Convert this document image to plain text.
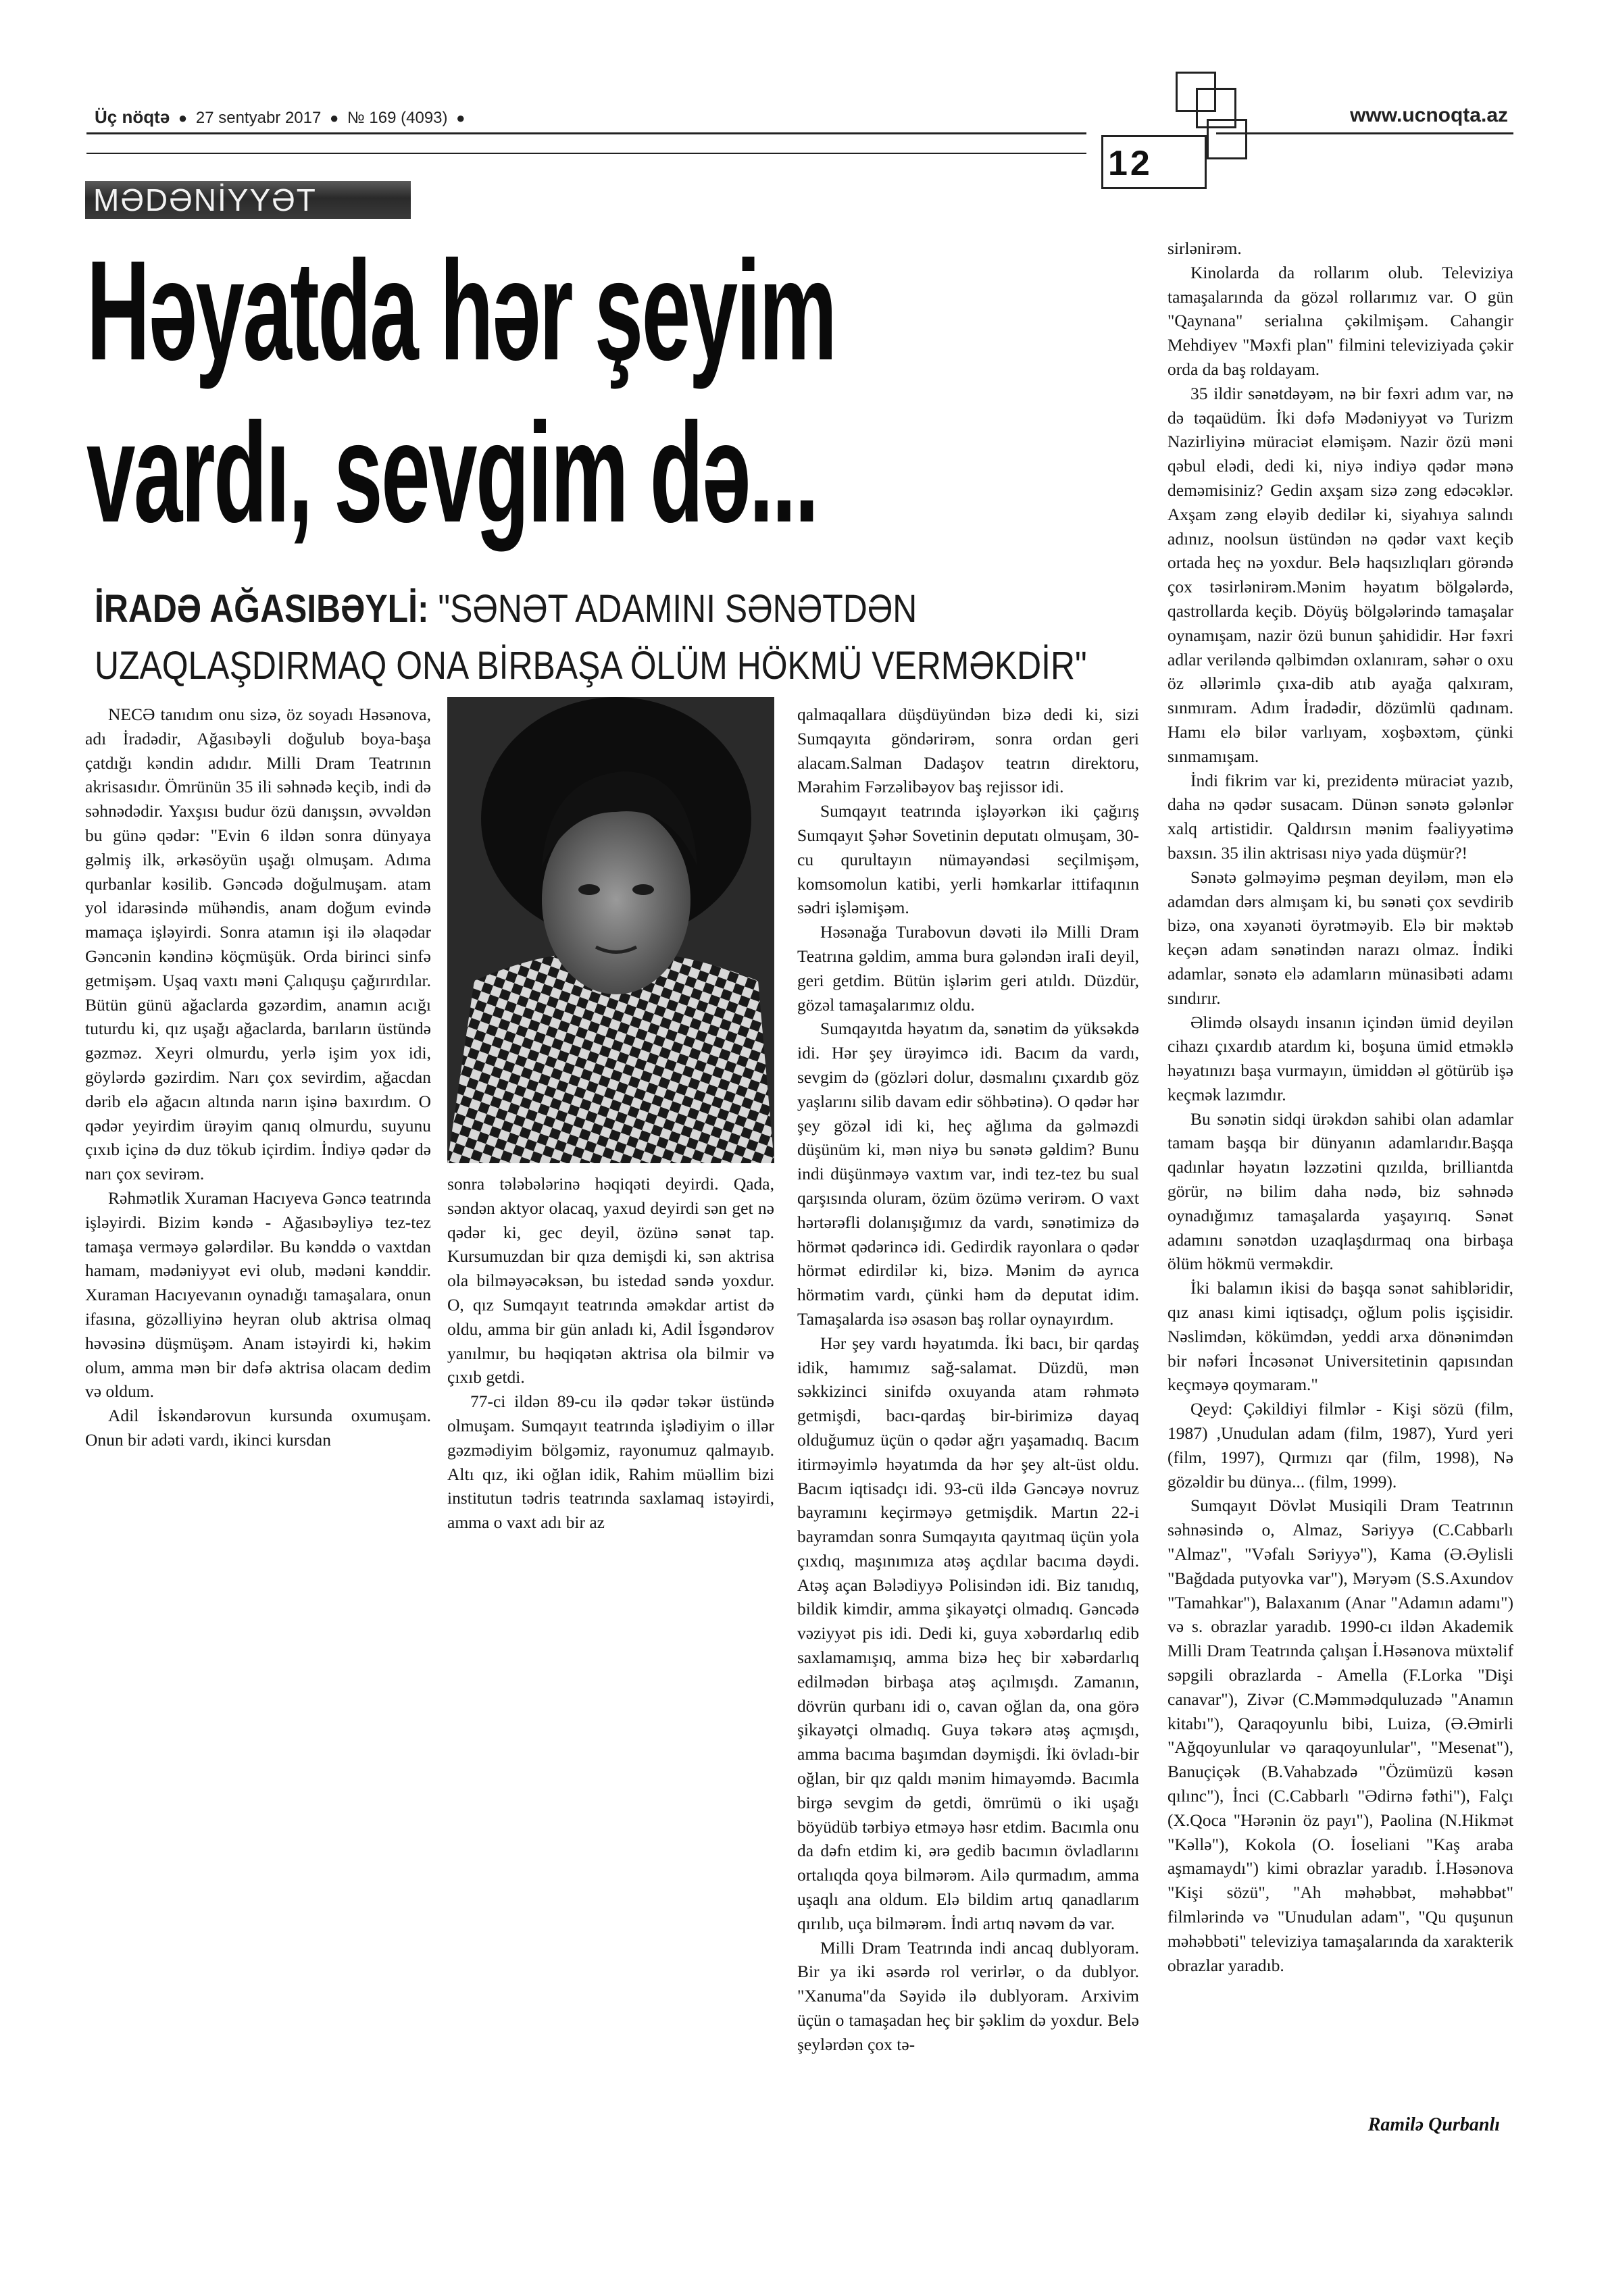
Üç nöqtə ● 27 sentyabr 2017 ● № 169 (4093) ●	www.ucnoqta.az
12
MƏDƏNİYYƏT
Həyatda hər şeyim
vardı, sevgim də...
İRADƏ AĞASIBƏYLİ: "SƏNƏT ADAMINI SƏNƏTDƏN
UZAQLAŞDIRMAQ ONA BİRBAŞA ÖLÜM HÖKMÜ VERMƏKDİR"

NECƏ tanıdım onu sizə, öz soyadı Həsənova, adı İradədir, Ağasıbəyli doğulub boya-başa çatdığı kəndin adıdır. Milli Dram Teatrının akrisasıdır. Ömrünün 35 ili səhnədə keçib, indi də səhnədədir. Yaxşısı budur özü danışsın, əvvəldən bu günə qədər: "Evin 6 ildən sonra dünyaya gəlmiş ilk, ərkəsöyün uşağı olmuşam. Adıma qurbanlar kəsilib. Gəncədə doğulmuşam. atam yol idarəsində mühəndis, anam doğum evində mamaça işləyirdi. Sonra atamın işi ilə əlaqədar Gəncənin kəndinə köçmüşük. Orda birinci sinfə getmişəm. Uşaq vaxtı məni Çalıquşu çağırırdılar. Bütün günü ağaclarda gəzərdim, anamın acığı tuturdu ki, qız uşağı ağaclarda, barıların üstündə gəzməz. Xeyri olmurdu, yerlə işim yox idi, göylərdə gəzirdim. Narı çox sevirdim, ağacdan dərib elə ağacın altında narın işinə baxırdım. O qədər yeyirdim ürəyim qanıq olmurdu, suyunu çıxıb içinə də duz tökub içirdim. İndiyə qədər də narı çox sevirəm.

Rəhmətlik Xuraman Hacıyeva Gəncə teatrında işləyirdi. Bizim kəndə - Ağasıbəyliyə tez-tez tamaşa verməyə gələrdilər. Bu kənddə o vaxtdan hamam, mədəniyyət evi olub, mədəni kənddir. Xuraman Hacıyevanın oynadığı tamaşalara, onun ifasına, gözəlliyinə heyran olub aktrisa olmaq həvəsinə düşmüşəm. Anam istəyirdi ki, həkim olum, amma mən bir dəfə aktrisa olacam dedim və oldum.

Adil İskəndərovun kursunda oxumuşam. Onun bir adəti vardı, ikinci kursdan

sonra tələbələrinə həqiqəti deyirdi. Qada, səndən aktyor olacaq, yaxud deyirdi sən get nə qədər ki, gec deyil, özünə sənət tap. Kursumuzdan bir qıza demişdi ki, sən aktrisa ola bilməyəcəksən, bu istedad səndə yoxdur. O, qız Sumqayıt teatrında əməkdar artist də oldu, amma bir gün anladı ki, Adil İsgəndərov yanılmır, bu həqiqətən aktrisa ola bilmir və çıxıb getdi.

77-ci ildən 89-cu ilə qədər təkər üstündə olmuşam. Sumqayıt teatrında işlədiyim o illər gəzmədiyim bölgəmiz, rayonumuz qalmayıb. Altı qız, iki oğlan idik, Rahim müəllim bizi institutun tədris teatrında saxlamaq istəyirdi, amma o vaxt adı bir az

qalmaqallara düşdüyündən bizə dedi ki, sizi Sumqayıta göndərirəm, sonra ordan geri alacam.Salman Dadaşov teatrın direktoru, Mərahim Fərzəlibəyov baş rejissor idi.

Sumqayıt teatrında işləyərkən iki çağırış Sumqayıt Şəhər Sovetinin deputatı olmuşam, 30-cu qurultayın nümayəndəsi seçilmişəm, komsomolun katibi, yerli həmkarlar ittifaqının sədri işləmişəm.

Həsənağa Turabovun dəvəti ilə Milli Dram Teatrına gəldim, amma bura gələndən iraIi deyil, geri getdim. Bütün işlərim geri atıldı. Düzdür, gözəl tamaşalarımız oldu.

Sumqayıtda həyatım da, sənətim də yüksəkdə idi. Hər şey ürəyimcə idi. Bacım da vardı, sevgim də (gözləri dolur, dəsmalını çıxardıb göz yaşlarını silib davam edir söhbətinə). O qədər hər şey gözəl idi ki, heç ağlıma da gəlməzdi düşünüm ki, mən niyə bu sənətə gəldim? Bunu indi düşünməyə vaxtım var, indi tez-tez bu sual qarşısında oluram, özüm özümə verirəm. O vaxt hərtərəfli dolanışığımız da vardı, sənətimizə də hörmət qədərincə idi. Gedirdik rayonlara o qədər hörmət edirdilər ki, bizə. Mənim də ayrıca hörmətim vardı, çünki həm də deputat idim. Tamaşalarda isə əsasən baş rollar oynayırdım.

Hər şey vardı həyatımda. İki bacı, bir qardaş idik, hamımız sağ-salamat. Düzdü, mən səkkizinci sinifdə oxuyanda atam rəhmətə getmişdi, bacı-qardaş bir-birimizə dayaq olduğumuz üçün o qədər ağrı yaşamadıq. Bacım itirməyimlə həyatımda da hər şey alt-üst oldu. Bacım iqtisadçı idi. 93-cü ildə Gəncəyə novruz bayramını keçirməyə getmişdik. Martın 22-i bayramdan sonra Sumqayıta qayıtmaq üçün yola çıxdıq, maşınımıza atəş açdılar bacıma dəydi. Atəş açan Bələdiyyə Polisindən idi. Biz tanıdıq, bildik kimdir, amma şikayətçi olmadıq. Gəncədə vəziyyət pis idi. Dedi ki, guya xəbərdarlıq edib saxlamamışıq, amma bizə heç bir xəbərdarlıq edilmədən birbaşa atəş açılmışdı. Zamanın, dövrün qurbanı idi o, cavan oğlan da, ona görə şikayətçi olmadıq. Guya təkərə atəş açmışdı, amma bacıma başımdan dəymişdi. İki övladı-bir oğlan, bir qız qaldı mənim himayəmdə. Bacımla birgə sevgim də getdi, ömrümü o iki uşağı böyüdüb tərbiyə etməyə həsr etdim. Bacımla onu da dəfn etdim ki, ərə gedib bacımın övladlarını ortalıqda qoya bilmərəm. Ailə qurmadım, amma uşaqlı ana oldum. Elə bildim artıq qanadlarım qırılıb, uça bilmərəm. İndi artıq nəvəm də var.

Milli Dram Teatrında indi ancaq dublyoram. Bir ya iki əsərdə rol verirlər, o da dublyor. "Xanuma"da Səyidə ilə dublyoram. Arxivim üçün o tamaşadan heç bir şəklim də yoxdur. Belə şeylərdən çox tə-

sirlənirəm.

Kinolarda da rollarım olub. Televiziya tamaşalarında da gözəl rollarımız var. O gün "Qaynana" serialına çəkilmişəm. Cahangir Mehdiyev "Məxfi plan" filmini televiziyada çəkir orda da baş roldayam.

35 ildir sənətdəyəm, nə bir fəxri adım var, nə də təqaüdüm. İki dəfə Mədəniyyət və Turizm Nazirliyinə müraciət eləmişəm. Nazir özü məni qəbul elədi, dedi ki, niyə indiyə qədər mənə deməmisiniz? Gedin axşam sizə zəng edəcəklər. Axşam zəng eləyib dedilər ki, siyahıya salındı adınız, noolsun üstündən nə qədər vaxt keçib ortada heç nə yoxdur. Belə haqsızlıqları görəndə çox təsirlənirəm.Mənim həyatım bölgələrdə, qastrollarda keçib. Döyüş bölgələrində tamaşalar oynamışam, nazir özü bunun şahididir. Hər fəxri adlar veriləndə qəlbimdən oxlanıram, səhər o oxu öz əllərimlə çıxa-dib atıb ayağa qalxıram, sınmıram. Adım İradədir, dözümlü qadınam. Hamı elə bilər varlıyam, xoşbəxtəm, çünki sınmamışam.

İndi fikrim var ki, prezidentə müraciət yazıb, daha nə qədər susacam. Dünən sənətə gələnlər xalq artistidir. Qaldırsın mənim fəaliyyətimə baxsın. 35 ilin aktrisası niyə yada düşmür?!

Sənətə gəlməyimə peşman deyiləm, mən elə adamdan dərs almışam ki, bu sənəti çox sevdirib bizə, ona xəyanəti öyrətməyib. Elə bir məktəb keçən adam sənətindən narazı olmaz. İndiki adamlar, sənətə elə adamların münasibəti adamı sındırır.

Əlimdə olsaydı insanın içindən ümid deyilən cihazı çıxardıb atardım ki, boşuna ümid etməklə həyatınızı başa vurmayın, ümiddən əl götürüb işə keçmək lazımdır.

Bu sənətin sidqi ürəkdən sahibi olan adamlar tamam başqa bir dünyanın adamlarıdır.Başqa qadınlar həyatın ləzzətini qızılda, brilliantda görür, nə bilim daha nədə, biz səhnədə oynadığımız tamaşalarda yaşayırıq. Sənət adamını sənətdən uzaqlaşdırmaq ona birbaşa ölüm hökmü verməkdir.

İki balamın ikisi də başqa sənət sahibləridir, qız anası kimi iqtisadçı, oğlum polis işçisidir. Nəslimdən, kökümdən, yeddi arxa dönənimdən bir nəfəri İncəsənət Universitetinin qapısından keçməyə qoymaram."

Qeyd: Çəkildiyi filmlər - Kişi sözü (film, 1987) ,Unudulan adam (film, 1987), Yurd yeri (film, 1997), Qırmızı qar (film, 1998), Nə gözəldir bu dünya... (film, 1999).

Sumqayıt Dövlət Musiqili Dram Teatrının səhnəsində o, Almaz, Səriyyə (C.Cabbarlı "Almaz", "Vəfalı Səriyyə"), Kama (Ə.Əylisli "Bağdada putyovka var"), Məryəm (S.S.Axundov "Tamahkar"), Balaxanım (Anar "Adamın adamı") və s. obrazlar yaradıb. 1990-cı ildən Akademik Milli Dram Teatrında çalışan İ.Həsənova müxtəlif səpgili obrazlarda - Amella (F.Lorka "Dişi canavar"), Zivər (C.Məmmədquluzadə "Anamın kitabı"), Qaraqoyunlu bibi, Luiza, (Ə.Əmirli "Ağqoyunlular və qaraqoyunlular", "Mesenat"), Banuçiçək (B.Vahabzadə "Özümüzü kəsən qılınc"), İnci (C.Cabbarlı "Ədirnə fəthi"), Falçı (X.Qoca "Hərənin öz payı"), Paolina (N.Hikmət "Kəllə"), Kokola (O. İoseliani "Kaş araba aşmamaydı") kimi obrazlar yaradıb. İ.Həsənova "Kişi sözü", "Ah məhəbbət, məhəbbət" filmlərində və "Unudulan adam", "Qu quşunun məhəbbəti" televiziya tamaşalarında da xarakterik obrazlar yaradıb.

Ramilə Qurbanlı
